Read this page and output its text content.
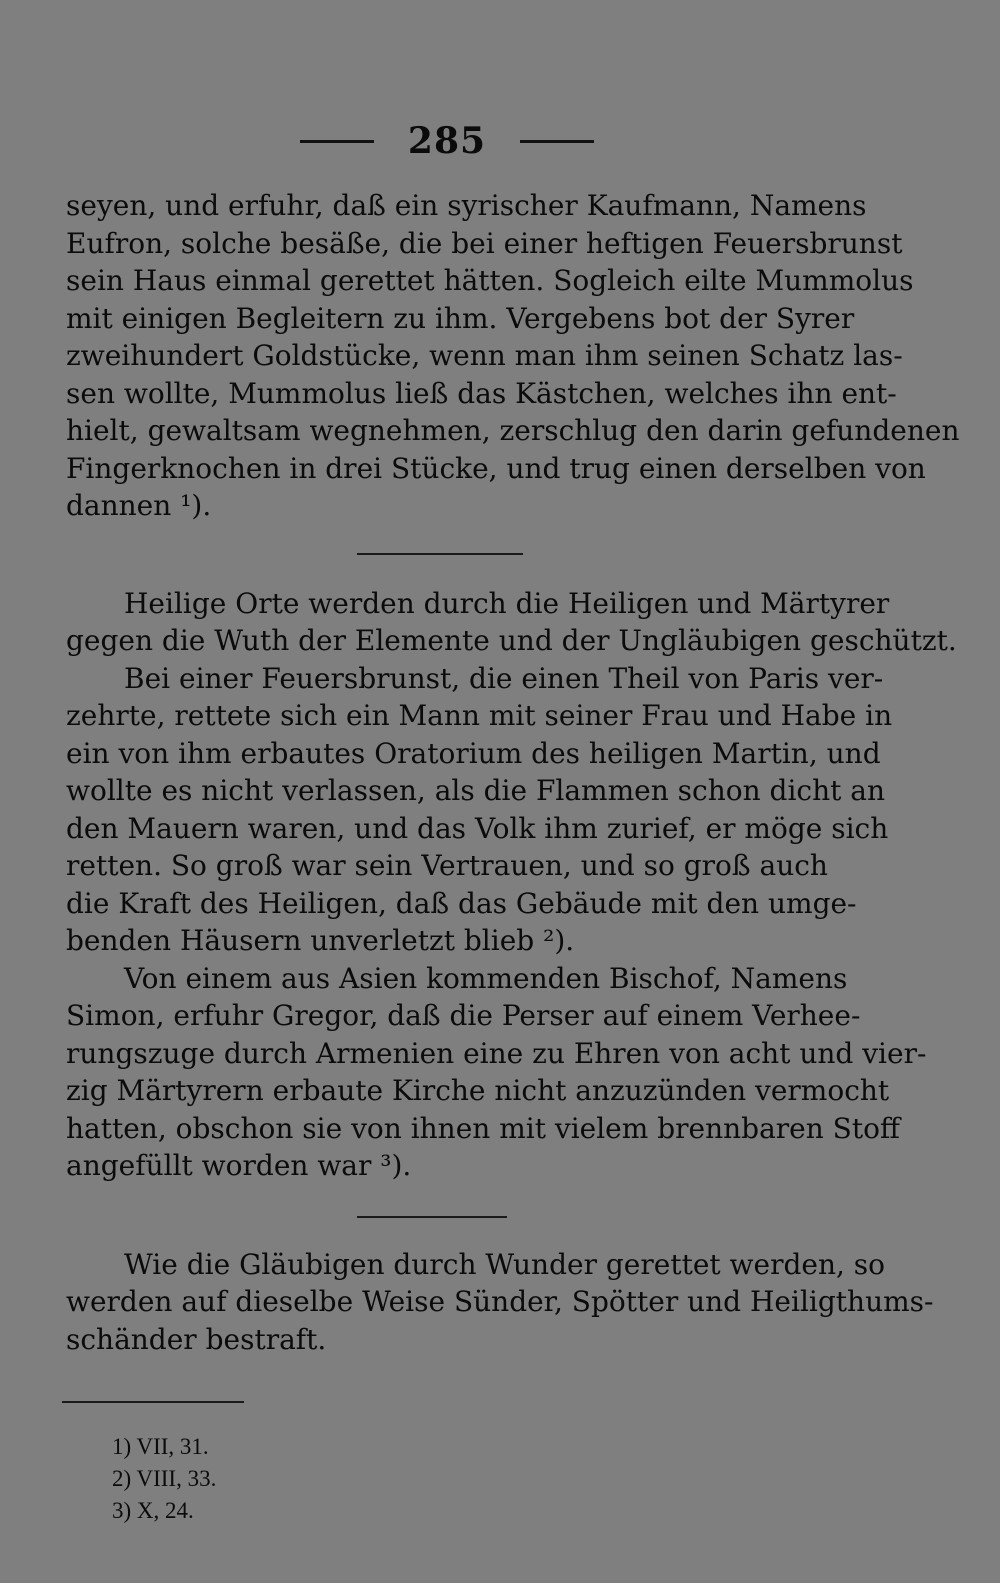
285

seyen, und erfuhr, daß ein syrischer Kaufmann, Namens
Eufron, solche besäße, die bei einer heftigen Feuersbrunst
sein Haus einmal gerettet hätten. Sogleich eilte Mummolus
mit einigen Begleitern zu ihm. Vergebens bot der Syrer
zweihundert Goldstücke, wenn man ihm seinen Schatz las-
sen wollte, Mummolus ließ das Kästchen, welches ihn ent-
hielt, gewaltsam wegnehmen, zerschlug den darin gefundenen
Fingerknochen in drei Stücke, und trug einen derselben von
dannen ¹).

Heilige Orte werden durch die Heiligen und Märtyrer
gegen die Wuth der Elemente und der Ungläubigen geschützt.

Bei einer Feuersbrunst, die einen Theil von Paris ver-
zehrte, rettete sich ein Mann mit seiner Frau und Habe in
ein von ihm erbautes Oratorium des heiligen Martin, und
wollte es nicht verlassen, als die Flammen schon dicht an
den Mauern waren, und das Volk ihm zurief, er möge sich
retten. So groß war sein Vertrauen, und so groß auch
die Kraft des Heiligen, daß das Gebäude mit den umge-
benden Häusern unverletzt blieb ²).
Von einem aus Asien kommenden Bischof, Namens
Simon, erfuhr Gregor, daß die Perser auf einem Verhee-
rungszuge durch Armenien eine zu Ehren von acht und vier-
zig Märtyrern erbaute Kirche nicht anzuzünden vermocht
hatten, obschon sie von ihnen mit vielem brennbaren Stoff
angefüllt worden war ³).

Wie die Gläubigen durch Wunder gerettet werden, so
werden auf dieselbe Weise Sünder, Spötter und Heiligthums-
schänder bestraft.

1) VII, 31.
2) VIII, 33.
3) X, 24.
